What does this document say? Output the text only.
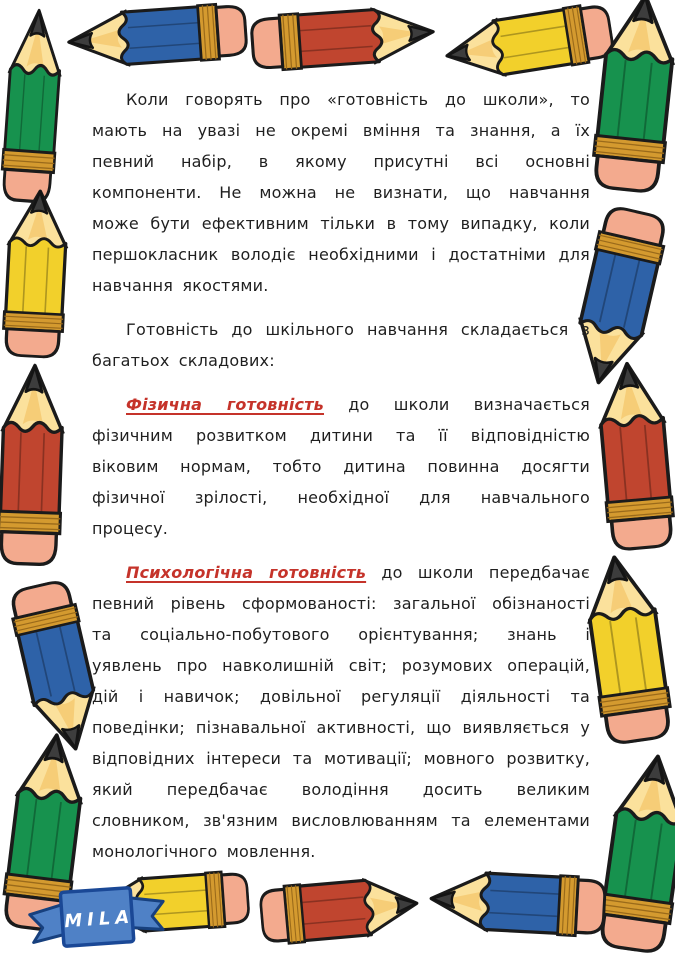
Коли говорять про «готовність до школи», то мають на увазі не окремі вміння та знання, а їх певний набір, в якому присутні всі основні компоненти. Не можна не визнати, що навчання може бути ефективним тільки в тому випадку, коли першокласник володіє необхідними і достатніми для навчання якостями.

Готовність до шкільного навчання складається з багатьох складових:

Фізична готовність до школи визначається фізичним розвитком дитини та її відповідністю віковим нормам, тобто дитина повинна досягти фізичної зрілості, необхідної для навчального процесу.

Психологічна готовність до школи передбачає певний рівень сформованості: загальної обізнаності та соціально-побутового орієнтування; знань і уявлень про навколишній світ; розумових операцій, дій і навичок; довільної регуляції діяльності та поведінки; пізнавальної активності, що виявляється у відповідних інтереси та мотивації; мовного розвитку, який передбачає володіння досить великим словником, зв'язним висловлюванням та елементами монологічного мовлення.

MILA
